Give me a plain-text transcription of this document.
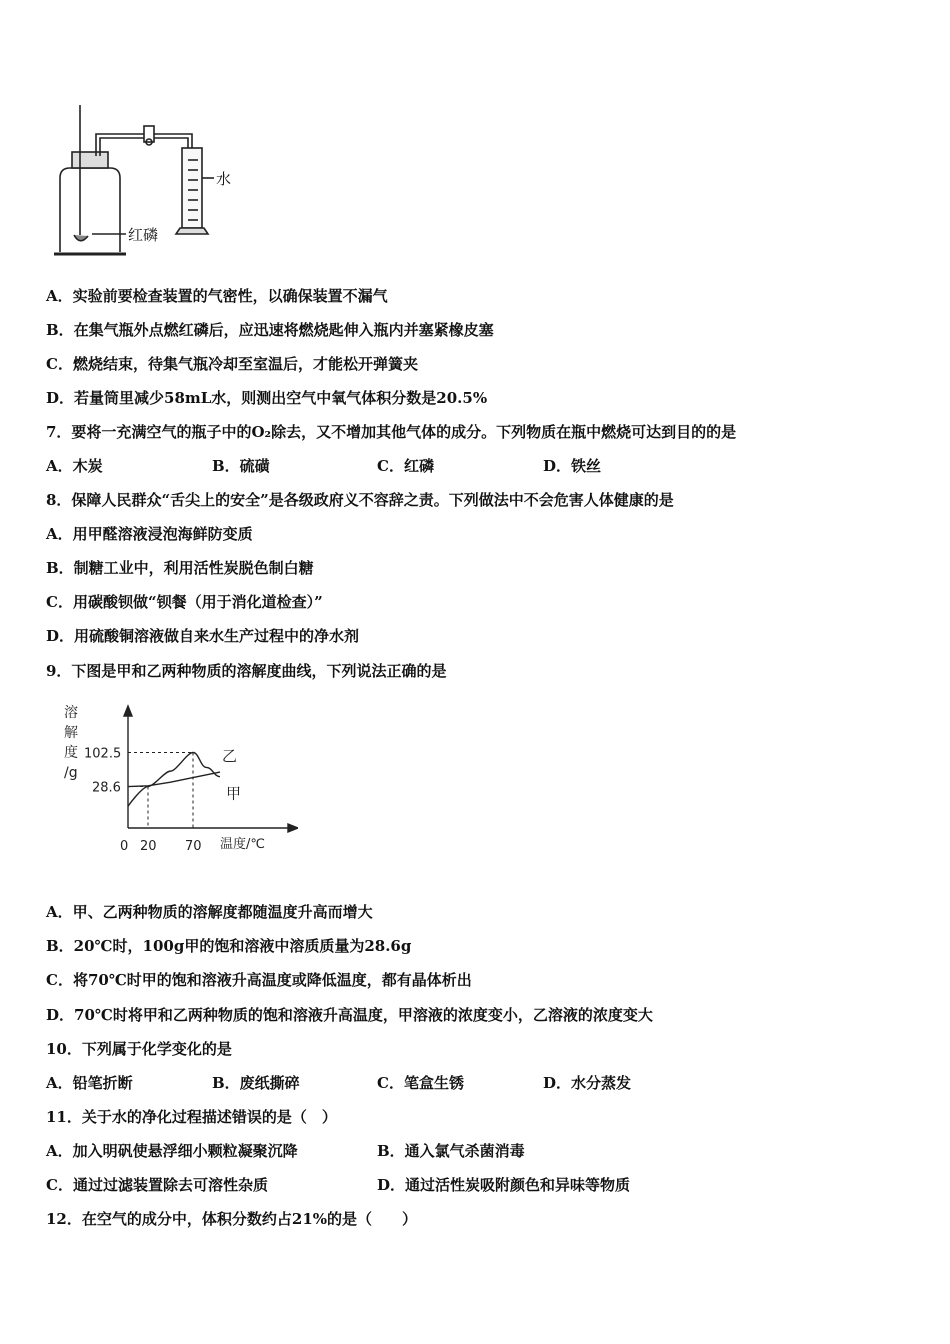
水
红磷
A．实验前要检查装置的气密性，以确保装置不漏气
B．在集气瓶外点燃红磷后，应迅速将燃烧匙伸入瓶内并塞紧橡皮塞
C．燃烧结束，待集气瓶冷却至室温后，才能松开弹簧夹
D．若量筒里减少58mL水，则测出空气中氧气体积分数是20.5%
7．要将一充满空气的瓶子中的O₂除去，又不增加其他气体的成分。下列物质在瓶中燃烧可达到目的的是
A．木炭	B．硫磺	C．红磷	D．铁丝
8．保障人民群众“舌尖上的安全”是各级政府义不容辞之责。下列做法中不会危害人体健康的是
A．用甲醛溶液浸泡海鲜防变质
B．制糖工业中，利用活性炭脱色制白糖
C．用碳酸钡做“钡餐（用于消化道检查）”
D．用硫酸铜溶液做自来水生产过程中的净水剂
9．下图是甲和乙两种物质的溶解度曲线，下列说法正确的是
溶
解
度
/g
102.5
28.6
0 20 70 温度/℃
乙
甲
A．甲、乙两种物质的溶解度都随温度升高而增大
B．20℃时，100g甲的饱和溶液中溶质质量为28.6g
C．将70℃时甲的饱和溶液升高温度或降低温度，都有晶体析出
D．70℃时将甲和乙两种物质的饱和溶液升高温度，甲溶液的浓度变小，乙溶液的浓度变大
10．下列属于化学变化的是
A．铅笔折断	B．废纸撕碎	C．笔盒生锈	D．水分蒸发
11．关于水的净化过程描述错误的是（　）
A．加入明矾使悬浮细小颗粒凝聚沉降	B．通入氯气杀菌消毒
C．通过过滤装置除去可溶性杂质	D．通过活性炭吸附颜色和异味等物质
12．在空气的成分中，体积分数约占21%的是（　　）
